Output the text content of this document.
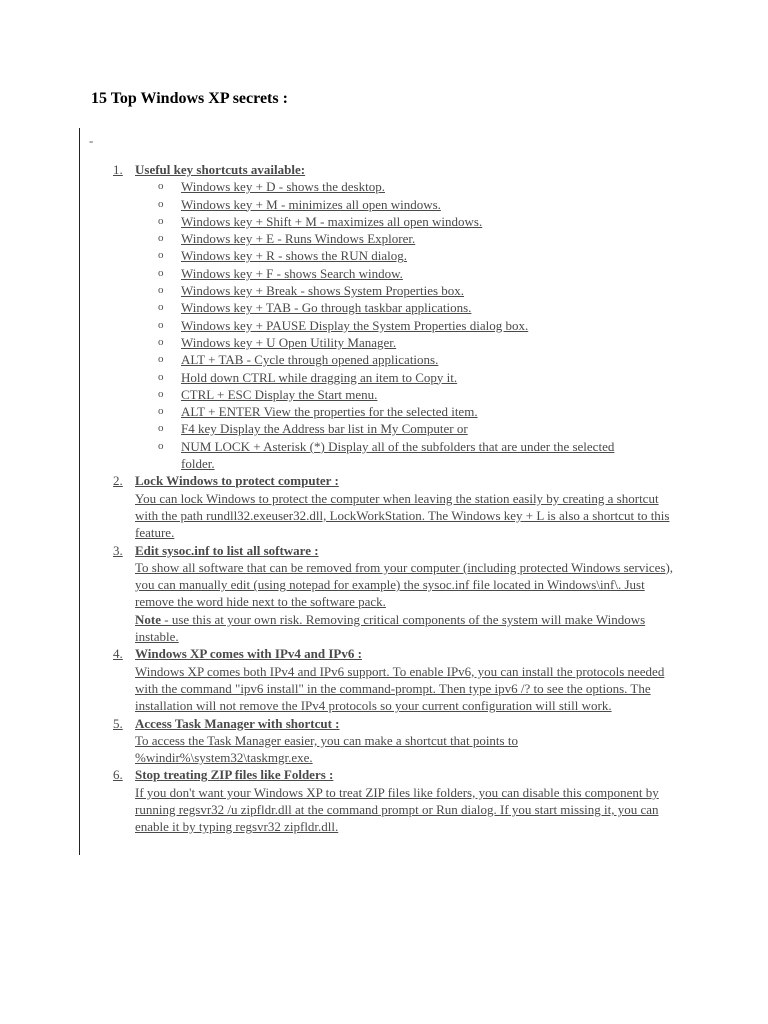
15 Top Windows XP secrets :
-
1. Useful key shortcuts available:
o Windows key + D - shows the desktop.
o Windows key + M - minimizes all open windows.
o Windows key + Shift + M - maximizes all open windows.
o Windows key + E - Runs Windows Explorer.
o Windows key + R - shows the RUN dialog.
o Windows key + F - shows Search window.
o Windows key + Break - shows System Properties box.
o Windows key + TAB - Go through taskbar applications.
o Windows key + PAUSE Display the System Properties dialog box.
o Windows key + U Open Utility Manager.
o ALT + TAB - Cycle through opened applications.
o Hold down CTRL while dragging an item to Copy it.
o CTRL + ESC Display the Start menu.
o ALT + ENTER View the properties for the selected item.
o F4 key Display the Address bar list in My Computer or
o NUM LOCK + Asterisk (*) Display all of the subfolders that are under the selected folder.
2. Lock Windows to protect computer :
You can lock Windows to protect the computer when leaving the station easily by creating a shortcut with the path rundll32.exeuser32.dll, LockWorkStation. The Windows key + L is also a shortcut to this feature.
3. Edit sysoc.inf to list all software :
To show all software that can be removed from your computer (including protected Windows services), you can manually edit (using notepad for example) the sysoc.inf file located in Windows\inf\. Just remove the word hide next to the software pack.
Note - use this at your own risk. Removing critical components of the system will make Windows instable.
4. Windows XP comes with IPv4 and IPv6 :
Windows XP comes both IPv4 and IPv6 support. To enable IPv6, you can install the protocols needed with the command "ipv6 install" in the command-prompt. Then type ipv6 /? to see the options. The installation will not remove the IPv4 protocols so your current configuration will still work.
5. Access Task Manager with shortcut :
To access the Task Manager easier, you can make a shortcut that points to %windir%\system32\taskmgr.exe.
6. Stop treating ZIP files like Folders :
If you don't want your Windows XP to treat ZIP files like folders, you can disable this component by running regsvr32 /u zipfldr.dll at the command prompt or Run dialog. If you start missing it, you can enable it by typing regsvr32 zipfldr.dll.
